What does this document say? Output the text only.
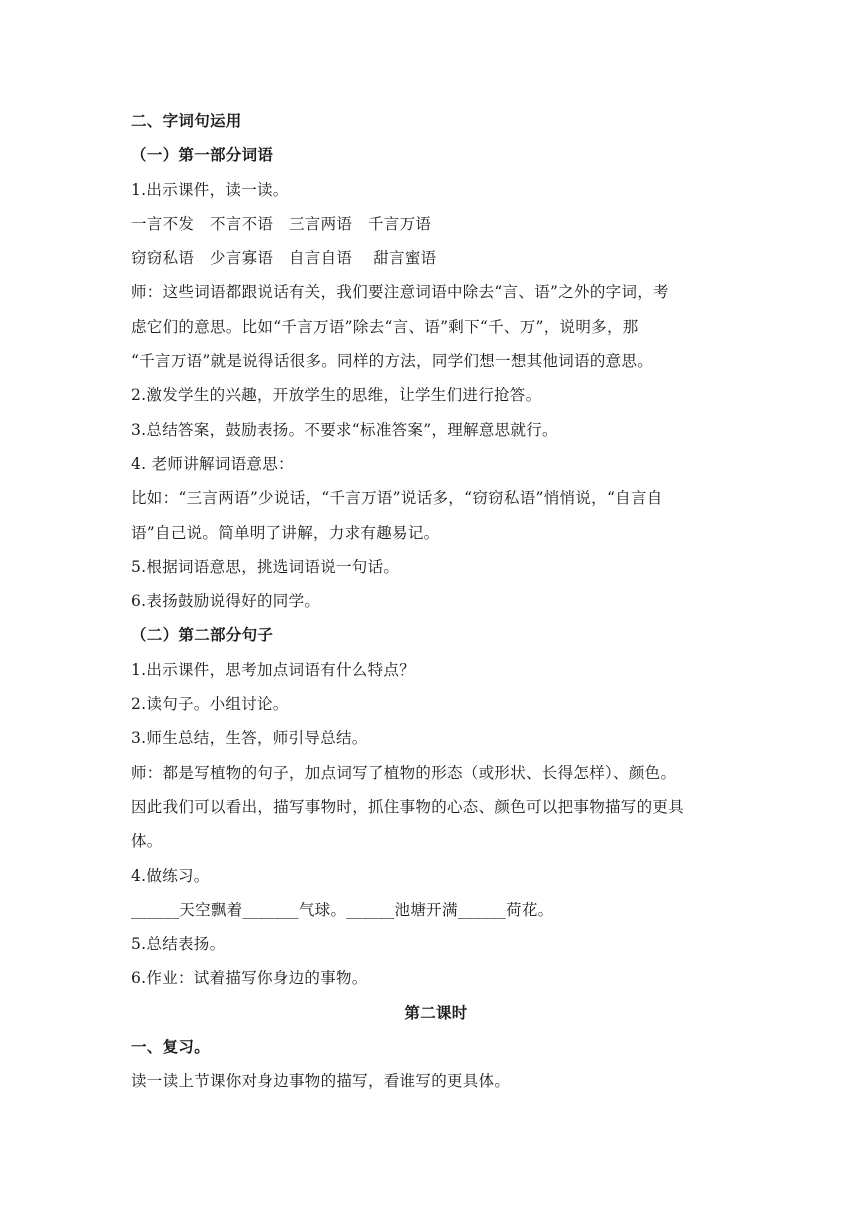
二、字词句运用
（一）第一部分词语
1.出示课件，读一读。
一言不发　不言不语　三言两语　千言万语
窃窃私语　少言寡语　自言自语　 甜言蜜语
师：这些词语都跟说话有关，我们要注意词语中除去“言、语”之外的字词，考
虑它们的意思。比如“千言万语”除去“言、语”剩下“千、万”，说明多，那
“千言万语”就是说得话很多。同样的方法，同学们想一想其他词语的意思。
2.激发学生的兴趣，开放学生的思维，让学生们进行抢答。
3.总结答案，鼓励表扬。不要求“标准答案”，理解意思就行。
4. 老师讲解词语意思：
比如：“三言两语”少说话，“千言万语”说话多，“窃窃私语”悄悄说，“自言自
语”自己说。简单明了讲解，力求有趣易记。
5.根据词语意思，挑选词语说一句话。
6.表扬鼓励说得好的同学。
（二）第二部分句子
1.出示课件，思考加点词语有什么特点？
2.读句子。小组讨论。
3.师生总结，生答，师引导总结。
师：都是写植物的句子，加点词写了植物的形态（或形状、长得怎样）、颜色。
因此我们可以看出，描写事物时，抓住事物的心态、颜色可以把事物描写的更具
体。
4.做练习。
______天空飘着_______气球。______池塘开满______荷花。
5.总结表扬。
6.作业：试着描写你身边的事物。
第二课时
一、复习。
读一读上节课你对身边事物的描写，看谁写的更具体。
